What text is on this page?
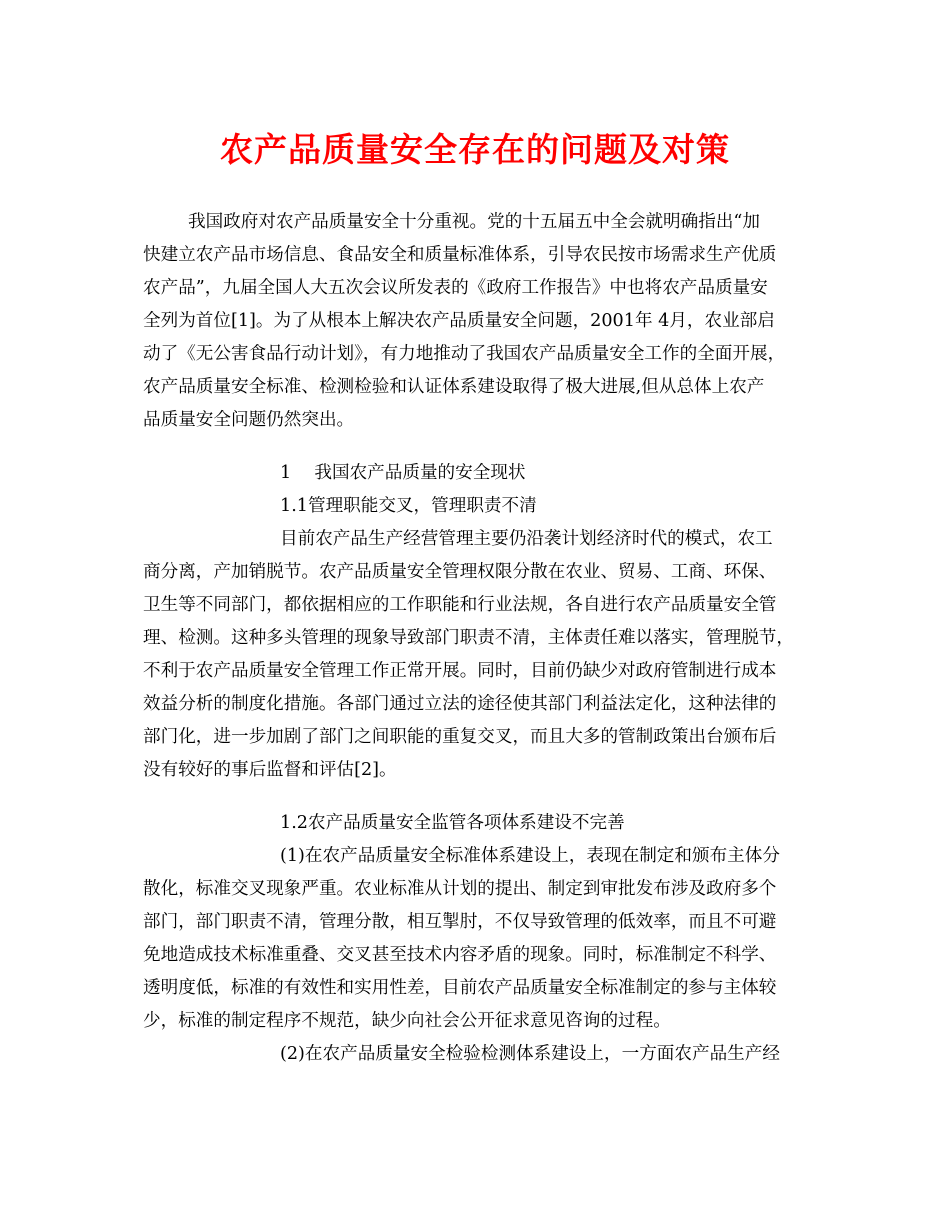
农产品质量安全存在的问题及对策
我国政府对农产品质量安全十分重视。党的十五届五中全会就明确指出“加
快建立农产品市场信息、食品安全和质量标准体系，引导农民按市场需求生产优质
农产品”，九届全国人大五次会议所发表的《政府工作报告》中也将农产品质量安
全列为首位[1]。为了从根本上解决农产品质量安全问题，2001年 4月，农业部启
动了《无公害食品行动计划》，有力地推动了我国农产品质量安全工作的全面开展，
农产品质量安全标准、检测检验和认证体系建设取得了极大进展,但从总体上农产
品质量安全问题仍然突出。
1　 我国农产品质量的安全现状
1.1管理职能交叉，管理职责不清
目前农产品生产经营管理主要仍沿袭计划经济时代的模式，农工
商分离，产加销脱节。农产品质量安全管理权限分散在农业、贸易、工商、环保、
卫生等不同部门，都依据相应的工作职能和行业法规，各自进行农产品质量安全管
理、检测。这种多头管理的现象导致部门职责不清，主体责任难以落实，管理脱节，
不利于农产品质量安全管理工作正常开展。同时，目前仍缺少对政府管制进行成本
效益分析的制度化措施。各部门通过立法的途径使其部门利益法定化，这种法律的
部门化，进一步加剧了部门之间职能的重复交叉，而且大多的管制政策出台颁布后
没有较好的事后监督和评估[2]。
1.2农产品质量安全监管各项体系建设不完善
(1)在农产品质量安全标准体系建设上，表现在制定和颁布主体分
散化，标准交叉现象严重。农业标准从计划的提出、制定到审批发布涉及政府多个
部门，部门职责不清，管理分散，相互掣肘，不仅导致管理的低效率，而且不可避
免地造成技术标准重叠、交叉甚至技术内容矛盾的现象。同时，标准制定不科学、
透明度低，标准的有效性和实用性差，目前农产品质量安全标准制定的参与主体较
少，标准的制定程序不规范，缺少向社会公开征求意见咨询的过程。
(2)在农产品质量安全检验检测体系建设上，一方面农产品生产经
